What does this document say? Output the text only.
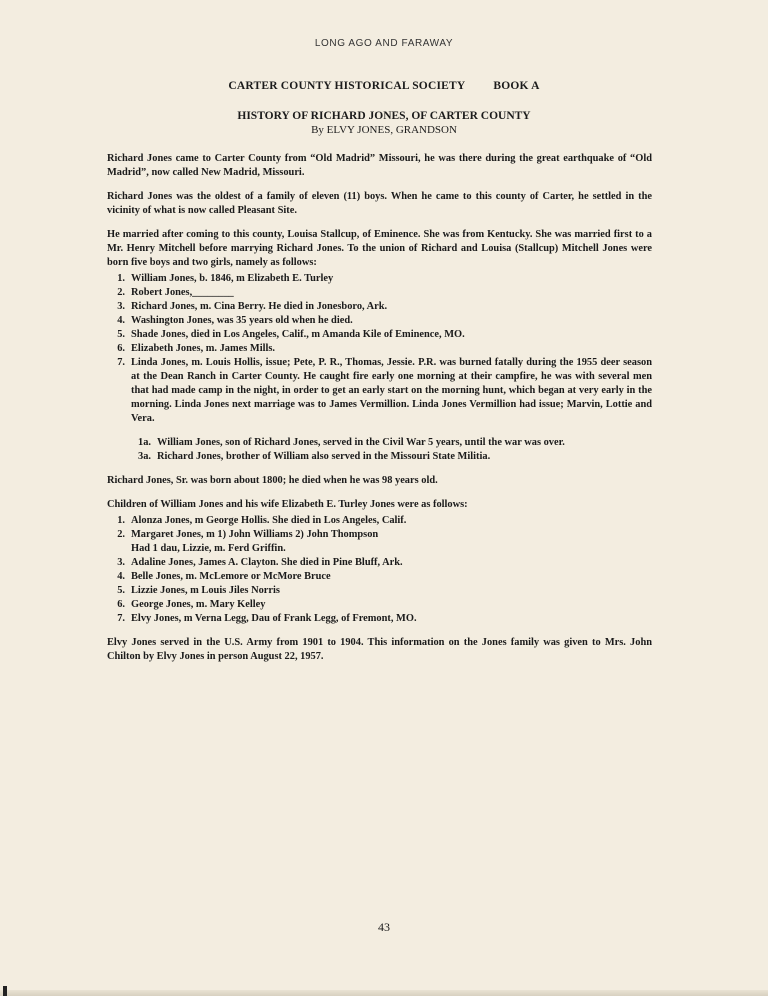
LONG AGO AND FARAWAY
CARTER COUNTY HISTORICAL SOCIETY BOOK A
HISTORY OF RICHARD JONES, OF CARTER COUNTY
By ELVY JONES, GRANDSON

Richard Jones came to Carter County from “Old Madrid” Missouri, he was there during the great earthquake of “Old Madrid”, now called New Madrid, Missouri.

Richard Jones was the oldest of a family of eleven (11) boys. When he came to this county of Carter, he settled in the vicinity of what is now called Pleasant Site.

He married after coming to this county, Louisa Stallcup, of Eminence. She was from Kentucky. She was married first to a Mr. Henry Mitchell before marrying Richard Jones. To the union of Richard and Louisa (Stallcup) Mitchell Jones were born five boys and two girls, namely as follows:

1. William Jones, b. 1846, m Elizabeth E. Turley
2. Robert Jones,________
3. Richard Jones, m. Cina Berry. He died in Jonesboro, Ark.
4. Washington Jones, was 35 years old when he died.
5. Shade Jones, died in Los Angeles, Calif., m Amanda Kile of Eminence, MO.
6. Elizabeth Jones, m. James Mills.
7. Linda Jones, m. Louis Hollis, issue; Pete, P. R., Thomas, Jessie. P.R. was burned fatally during the 1955 deer season at the Dean Ranch in Carter County. He caught fire early one morning at their campfire, he was with several men that had made camp in the night, in order to get an early start on the morning hunt, which began at very early in the morning. Linda Jones next marriage was to James Vermillion. Linda Jones Vermillion had issue; Marvin, Lottie and Vera.
1a. William Jones, son of Richard Jones, served in the Civil War 5 years, until the war was over.
3a. Richard Jones, brother of William also served in the Missouri State Militia.

Richard Jones, Sr. was born about 1800; he died when he was 98 years old.

Children of William Jones and his wife Elizabeth E. Turley Jones were as follows:

1. Alonza Jones, m George Hollis. She died in Los Angeles, Calif.
2. Margaret Jones, m 1) John Williams 2) John Thompson
Had 1 dau, Lizzie, m. Ferd Griffin.
3. Adaline Jones, James A. Clayton. She died in Pine Bluff, Ark.
4. Belle Jones, m. McLemore or McMore Bruce
5. Lizzie Jones, m Louis Jiles Norris
6. George Jones, m. Mary Kelley
7. Elvy Jones, m Verna Legg, Dau of Frank Legg, of Fremont, MO.

Elvy Jones served in the U.S. Army from 1901 to 1904. This information on the Jones family was given to Mrs. John Chilton by Elvy Jones in person August 22, 1957.

43
